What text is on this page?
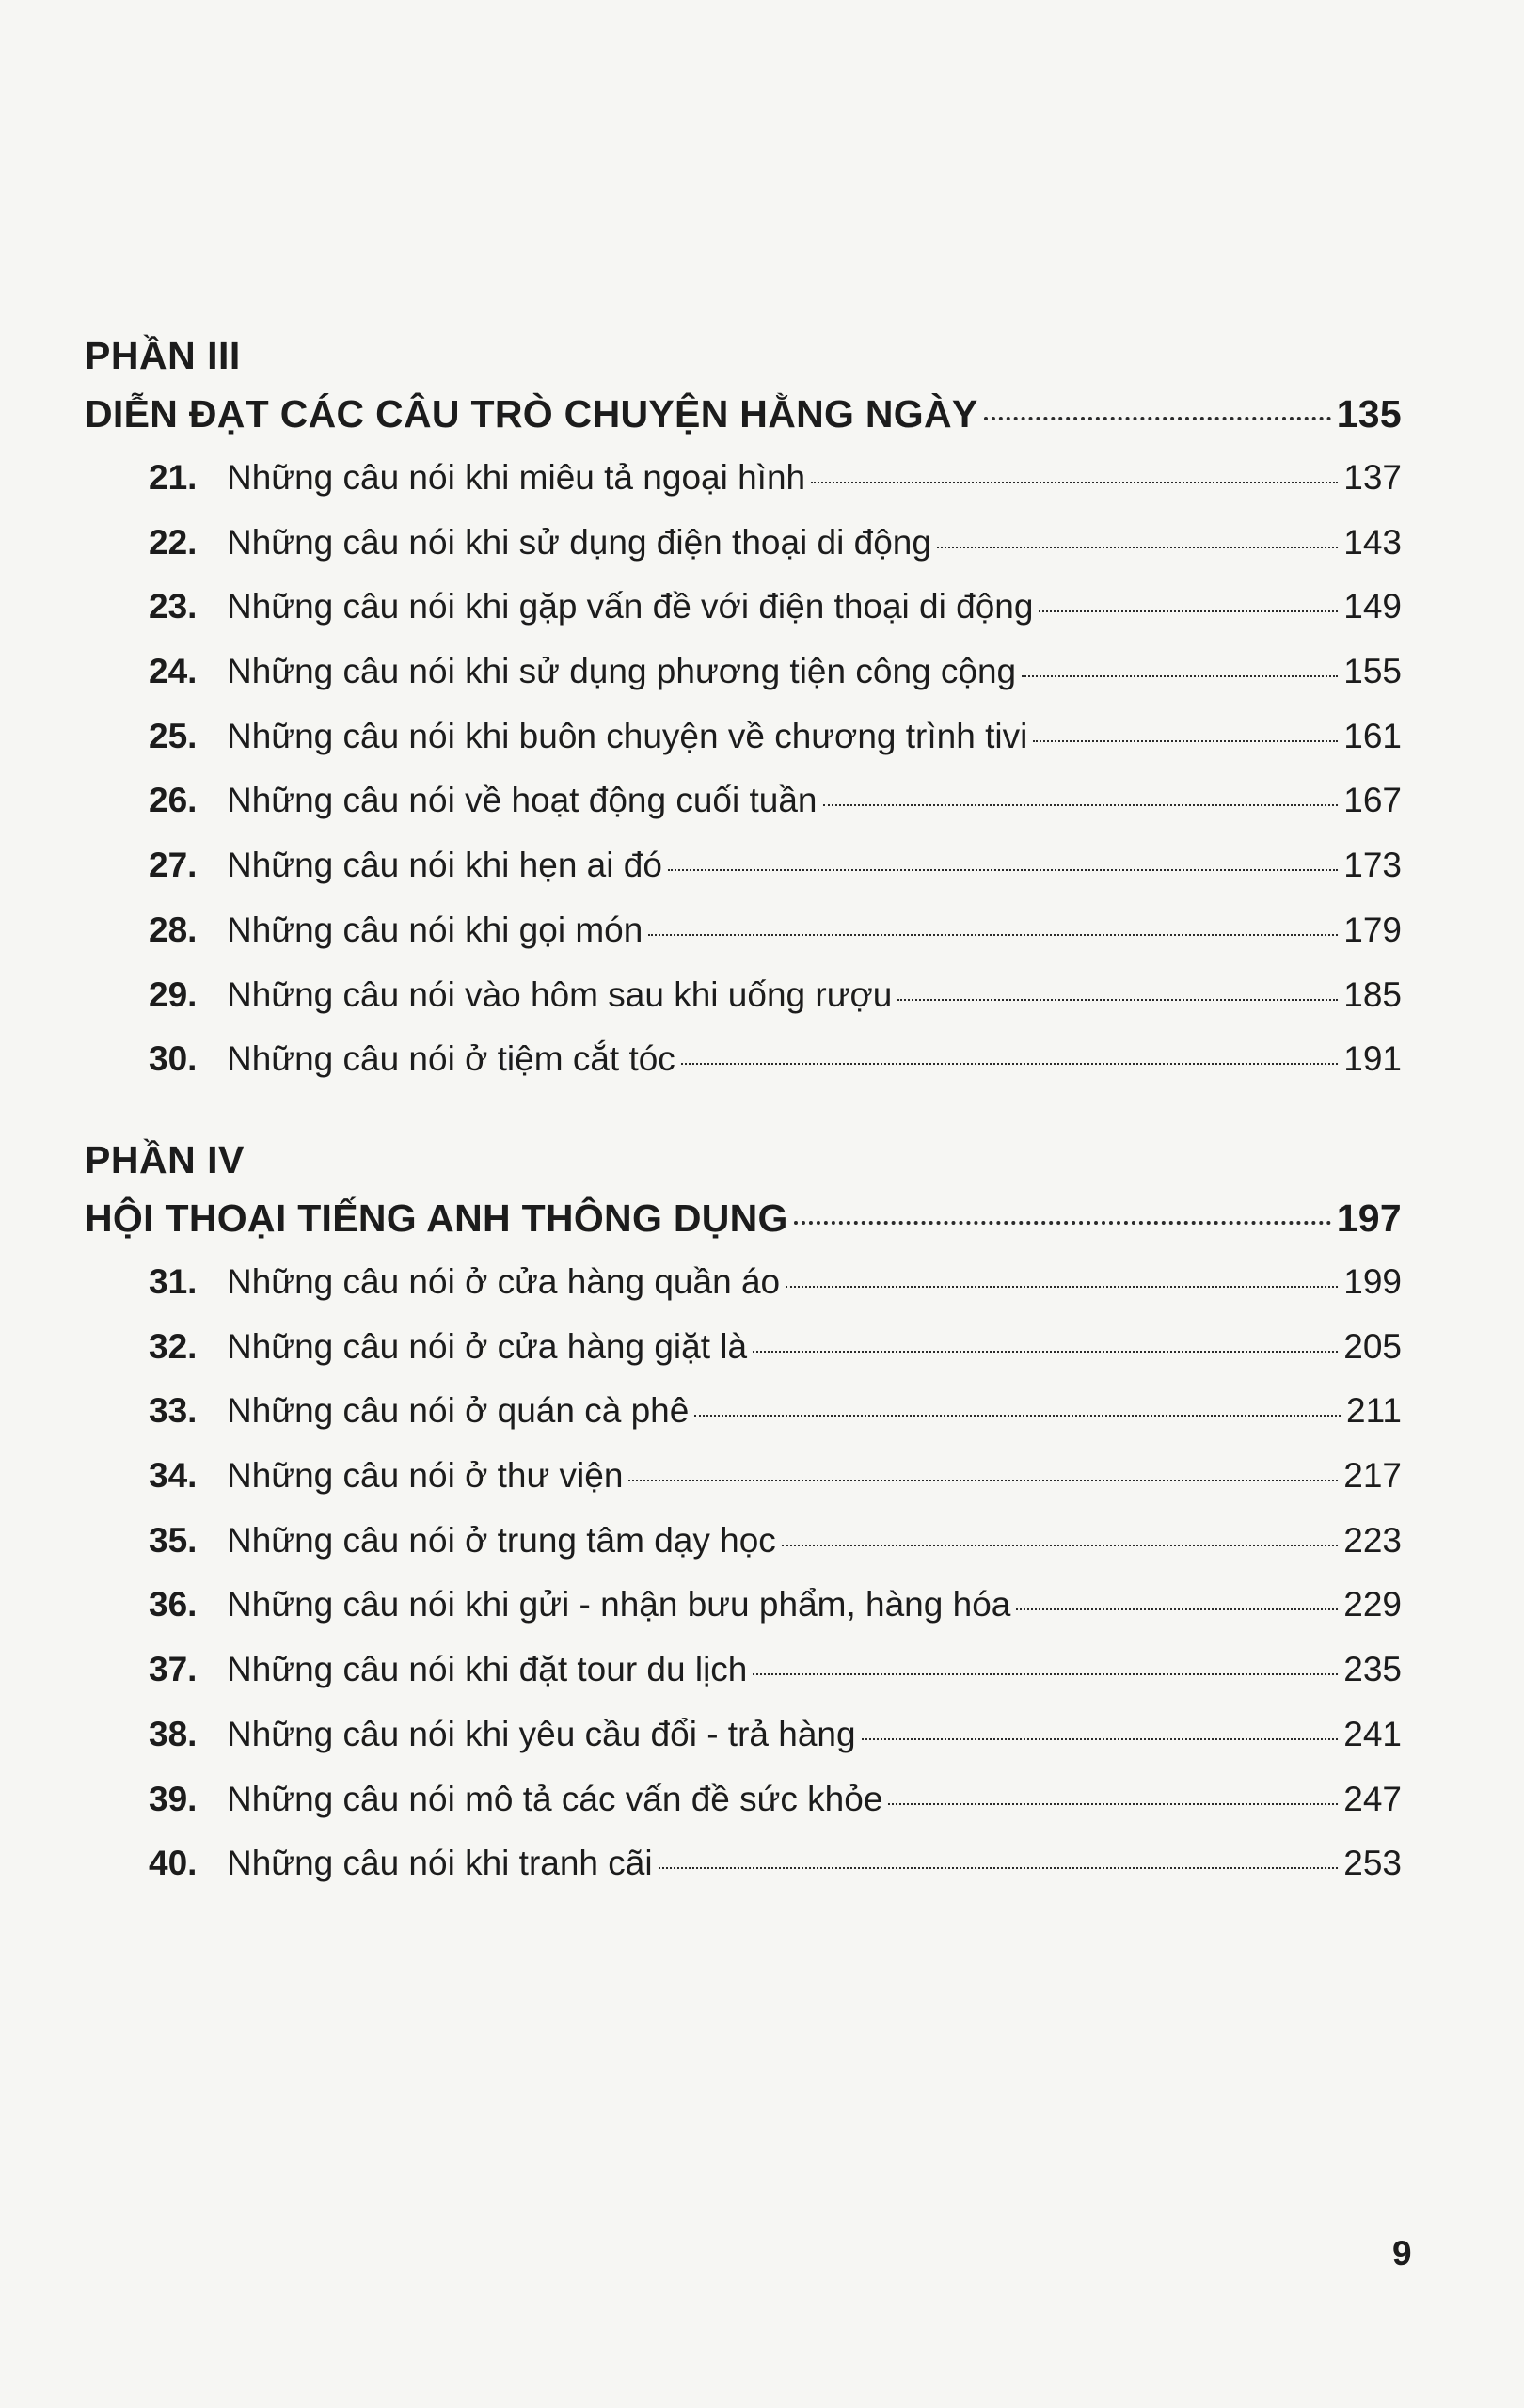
PHẦN III
DIỄN ĐẠT CÁC CÂU TRÒ CHUYỆN HẰNG NGÀY	135
21. Những câu nói khi miêu tả ngoại hình	137
22. Những câu nói khi sử dụng điện thoại di động	143
23. Những câu nói khi gặp vấn đề với điện thoại di động	149
24. Những câu nói khi sử dụng phương tiện công cộng	155
25. Những câu nói khi buôn chuyện về chương trình tivi	161
26. Những câu nói về hoạt động cuối tuần	167
27. Những câu nói khi hẹn ai đó	173
28. Những câu nói khi gọi món	179
29. Những câu nói vào hôm sau khi uống rượu	185
30. Những câu nói ở tiệm cắt tóc	191
PHẦN IV
HỘI THOẠI TIẾNG ANH THÔNG DỤNG	197
31. Những câu nói ở cửa hàng quần áo	199
32. Những câu nói ở cửa hàng giặt là	205
33. Những câu nói ở quán cà phê	211
34. Những câu nói ở thư viện	217
35. Những câu nói ở trung tâm dạy học	223
36. Những câu nói khi gửi - nhận bưu phẩm, hàng hóa	229
37. Những câu nói khi đặt tour du lịch	235
38. Những câu nói khi yêu cầu đổi - trả hàng	241
39. Những câu nói mô tả các vấn đề sức khỏe	247
40. Những câu nói khi tranh cãi	253
9
